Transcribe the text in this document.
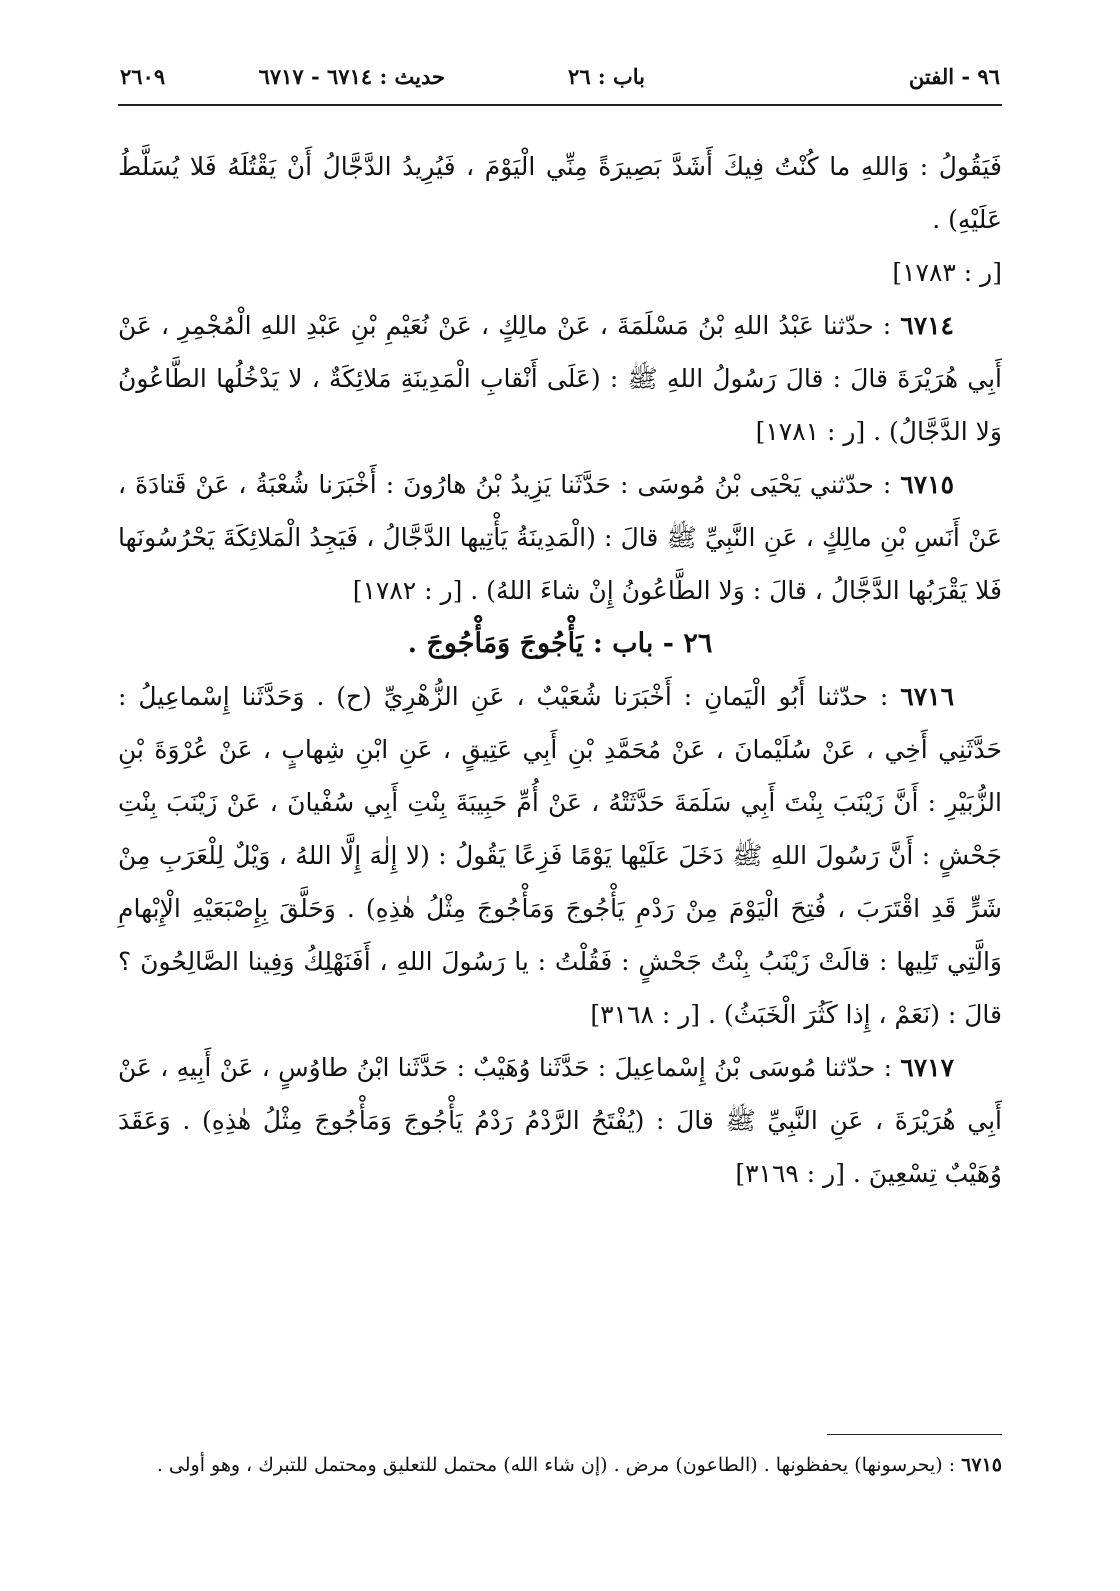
٩٦ - الفتن
باب : ٢٦
حديث : ٦٧١٤ - ٦٧١٧
٢٦٠٩

فَيَقُولُ : وَاللهِ ما كُنْتُ فِيكَ أَشَدَّ بَصِيرَةً مِنِّي الْيَوْمَ ، فَيُرِيدُ الدَّجَّالُ أَنْ يَقْتُلَهُ فَلا يُسَلَّطُ عَلَيْهِ) .

[ر : ١٧٨٣]

٦٧١٤ : حدّثنا عَبْدُ اللهِ بْنُ مَسْلَمَةَ ، عَنْ مالِكٍ ، عَنْ نُعَيْمِ بْنِ عَبْدِ اللهِ الْمُجْمِرِ ، عَنْ أَبِي هُرَيْرَةَ قالَ : قالَ رَسُولُ اللهِ ﷺ : (عَلَى أَنْقابِ الْمَدِينَةِ مَلائِكَةٌ ، لا يَدْخُلُها الطَّاعُونُ وَلا الدَّجَّالُ) . [ر : ١٧٨١]

٦٧١٥ : حدّثني يَحْيَى بْنُ مُوسَى : حَدَّثَنا يَزِيدُ بْنُ هارُونَ : أَخْبَرَنا شُعْبَةُ ، عَنْ قَتادَةَ ، عَنْ أَنَسِ بْنِ مالِكٍ ، عَنِ النَّبِيِّ ﷺ قالَ : (الْمَدِينَةُ يَأْتِيها الدَّجَّالُ ، فَيَجِدُ الْمَلائِكَةَ يَحْرُسُونَها فَلا يَقْرَبُها الدَّجَّالُ ، قالَ : وَلا الطَّاعُونُ إِنْ شاءَ اللهُ) . [ر : ١٧٨٢]

٢٦ - باب : يَأْجُوجَ وَمَأْجُوجَ .

٦٧١٦ : حدّثنا أَبُو الْيَمانِ : أَخْبَرَنا شُعَيْبٌ ، عَنِ الزُّهْرِيِّ (ح) . وَحَدَّثَنا إِسْماعِيلُ : حَدَّثَنِي أَخِي ، عَنْ سُلَيْمانَ ، عَنْ مُحَمَّدِ بْنِ أَبِي عَتِيقٍ ، عَنِ ابْنِ شِهابٍ ، عَنْ عُرْوَةَ بْنِ الزُّبَيْرِ : أَنَّ زَيْنَبَ بِنْتَ أَبِي سَلَمَةَ حَدَّثَتْهُ ، عَنْ أُمِّ حَبِيبَةَ بِنْتِ أَبِي سُفْيانَ ، عَنْ زَيْنَبَ بِنْتِ جَحْشٍ : أَنَّ رَسُولَ اللهِ ﷺ دَخَلَ عَلَيْها يَوْمًا فَزِعًا يَقُولُ : (لا إِلٰهَ إِلَّا اللهُ ، وَيْلٌ لِلْعَرَبِ مِنْ شَرٍّ قَدِ اقْتَرَبَ ، فُتِحَ الْيَوْمَ مِنْ رَدْمِ يَأْجُوجَ وَمَأْجُوجَ مِثْلُ هٰذِهِ) . وَحَلَّقَ بِإِصْبَعَيْهِ الْإِبْهامِ وَالَّتِي تَلِيها : قالَتْ زَيْنَبُ بِنْتُ جَحْشٍ : فَقُلْتُ : يا رَسُولَ اللهِ ، أَفَنَهْلِكُ وَفِينا الصَّالِحُونَ ؟ قالَ : (نَعَمْ ، إِذا كَثُرَ الْخَبَثُ) . [ر : ٣١٦٨]

٦٧١٧ : حدّثنا مُوسَى بْنُ إِسْماعِيلَ : حَدَّثَنا وُهَيْبٌ : حَدَّثَنا ابْنُ طاوُسٍ ، عَنْ أَبِيهِ ، عَنْ أَبِي هُرَيْرَةَ ، عَنِ النَّبِيِّ ﷺ قالَ : (يُفْتَحُ الرَّدْمُ رَدْمُ يَأْجُوجَ وَمَأْجُوجَ مِثْلُ هٰذِهِ) . وَعَقَدَ وُهَيْبٌ تِسْعِينَ . [ر : ٣١٦٩]

٦٧١٥ : (يحرسونها) يحفظونها . (الطاعون) مرض . (إن شاء الله) محتمل للتعليق ومحتمل للتبرك ، وهو أولى .
